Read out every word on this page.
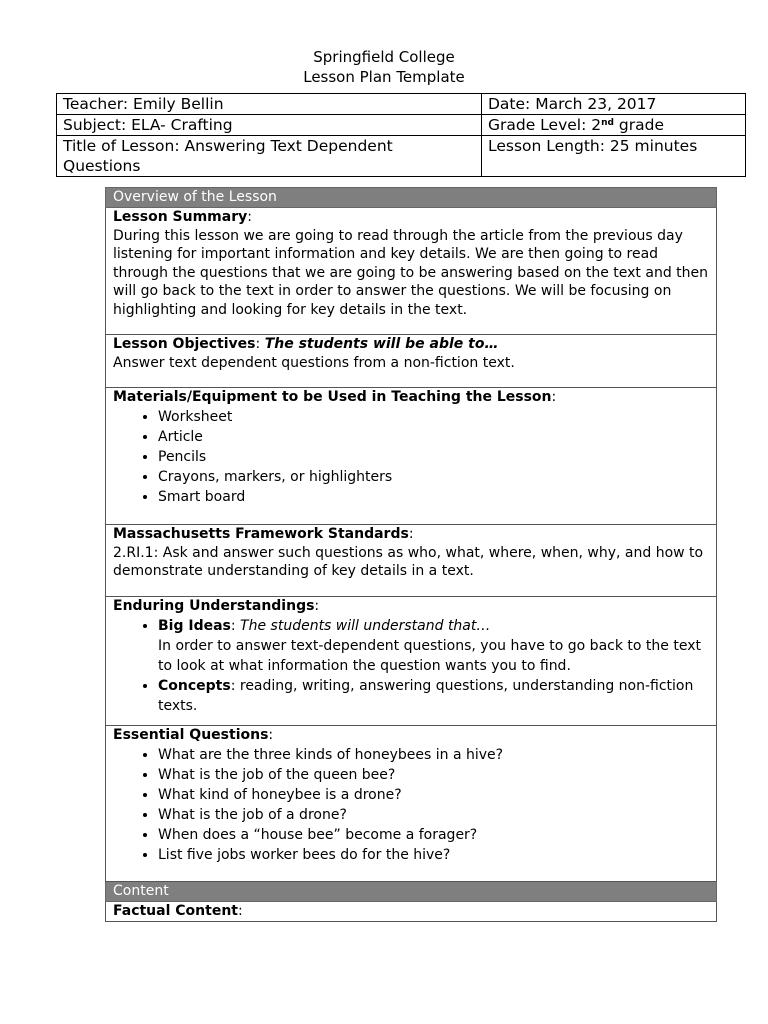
Springfield College
Lesson Plan Template
Teacher: Emily Bellin	Date: March 23, 2017
Subject: ELA- Crafting	Grade Level: 2nd grade
Title of Lesson: Answering Text Dependent Questions	Lesson Length: 25 minutes
Overview of the Lesson
Lesson Summary:
During this lesson we are going to read through the article from the previous day listening for important information and key details. We are then going to read through the questions that we are going to be answering based on the text and then will go back to the text in order to answer the questions. We will be focusing on highlighting and looking for key details in the text.
Lesson Objectives: The students will be able to…
Answer text dependent questions from a non-fiction text.
Materials/Equipment to be Used in Teaching the Lesson:
• Worksheet
• Article
• Pencils
• Crayons, markers, or highlighters
• Smart board

Massachusetts Framework Standards:
2.RI.1: Ask and answer such questions as who, what, where, when, why, and how to demonstrate understanding of key details in a text.
Enduring Understandings:
• Big Ideas: The students will understand that…
In order to answer text-dependent questions, you have to go back to the text to look at what information the question wants you to find.
• Concepts: reading, writing, answering questions, understanding non-fiction texts.

Essential Questions:
• What are the three kinds of honeybees in a hive?
• What is the job of the queen bee?
• What kind of honeybee is a drone?
• What is the job of a drone?
• When does a “house bee” become a forager?
• List five jobs worker bees do for the hive?

Content
Factual Content:
